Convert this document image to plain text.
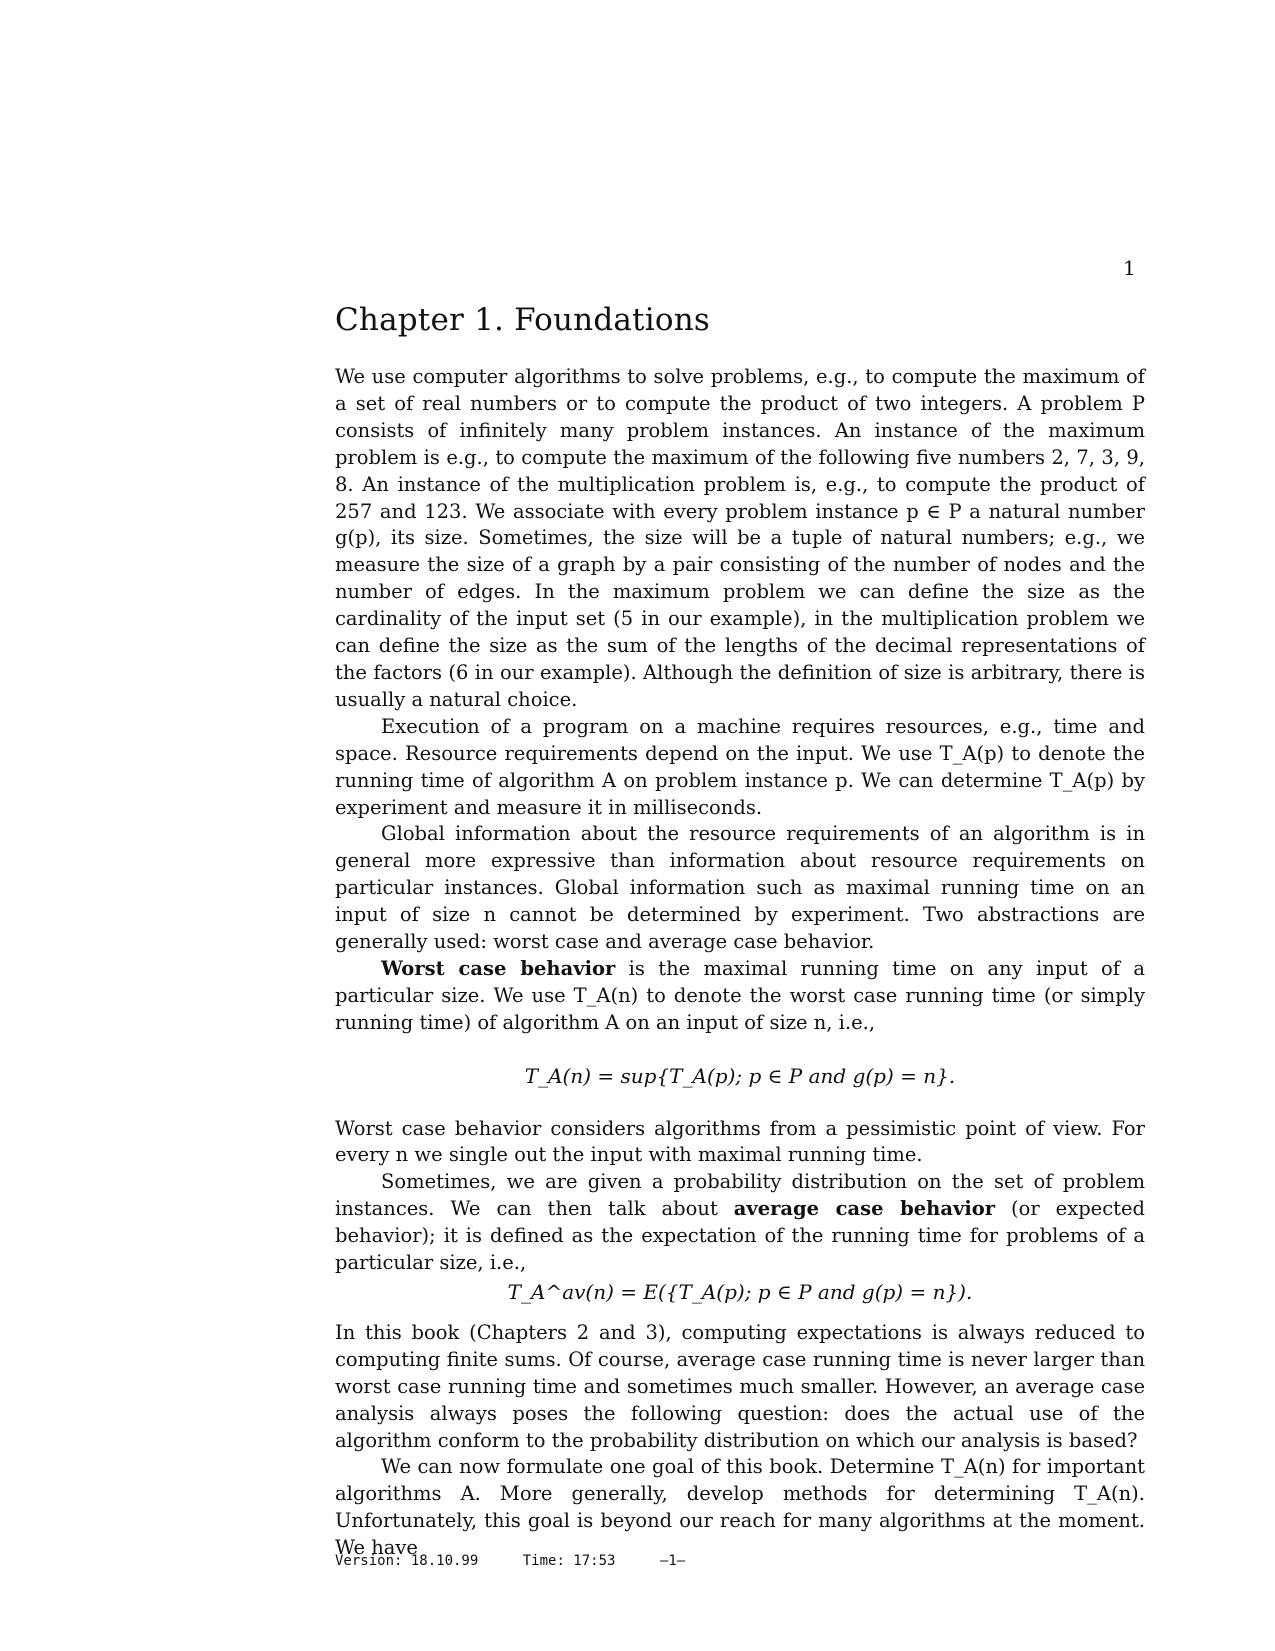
1
Chapter 1. Foundations

We use computer algorithms to solve problems, e.g., to compute the maximum of a set of real numbers or to compute the product of two integers. A problem P consists of infinitely many problem instances. An instance of the maximum problem is e.g., to compute the maximum of the following five numbers 2, 7, 3, 9, 8. An instance of the multiplication problem is, e.g., to compute the product of 257 and 123. We associate with every problem instance p ∈ P a natural number g(p), its size. Sometimes, the size will be a tuple of natural numbers; e.g., we measure the size of a graph by a pair consisting of the number of nodes and the number of edges. In the maximum problem we can define the size as the cardinality of the input set (5 in our example), in the multiplication problem we can define the size as the sum of the lengths of the decimal representations of the factors (6 in our example). Although the definition of size is arbitrary, there is usually a natural choice.

Execution of a program on a machine requires resources, e.g., time and space. Resource requirements depend on the input. We use T_A(p) to denote the running time of algorithm A on problem instance p. We can determine T_A(p) by experiment and measure it in milliseconds.

Global information about the resource requirements of an algorithm is in general more expressive than information about resource requirements on particular instances. Global information such as maximal running time on an input of size n cannot be determined by experiment. Two abstractions are generally used: worst case and average case behavior.

Worst case behavior is the maximal running time on any input of a particular size. We use T_A(n) to denote the worst case running time (or simply running time) of algorithm A on an input of size n, i.e.,

T_A(n) = sup{T_A(p); p ∈ P and g(p) = n}.

Worst case behavior considers algorithms from a pessimistic point of view. For every n we single out the input with maximal running time.

Sometimes, we are given a probability distribution on the set of problem instances. We can then talk about average case behavior (or expected behavior); it is defined as the expectation of the running time for problems of a particular size, i.e.,

T_A^av(n) = E({T_A(p); p ∈ P and g(p) = n}).

In this book (Chapters 2 and 3), computing expectations is always reduced to computing finite sums. Of course, average case running time is never larger than worst case running time and sometimes much smaller. However, an average case analysis always poses the following question: does the actual use of the algorithm conform to the probability distribution on which our analysis is based?

We can now formulate one goal of this book. Determine T_A(n) for important algorithms A. More generally, develop methods for determining T_A(n). Unfortunately, this goal is beyond our reach for many algorithms at the moment. We have

Version: 18.10.99	Time: 17:53	–1–
